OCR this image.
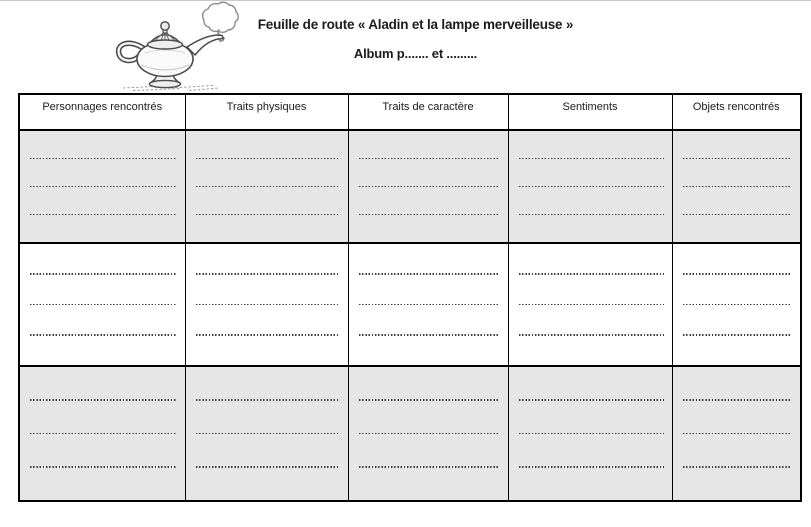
Feuille de route « Aladin et la lampe merveilleuse »
Album p....... et .........
Personnages rencontrés	Traits physiques	Traits de caractère	Sentiments	Objets rencontrés
